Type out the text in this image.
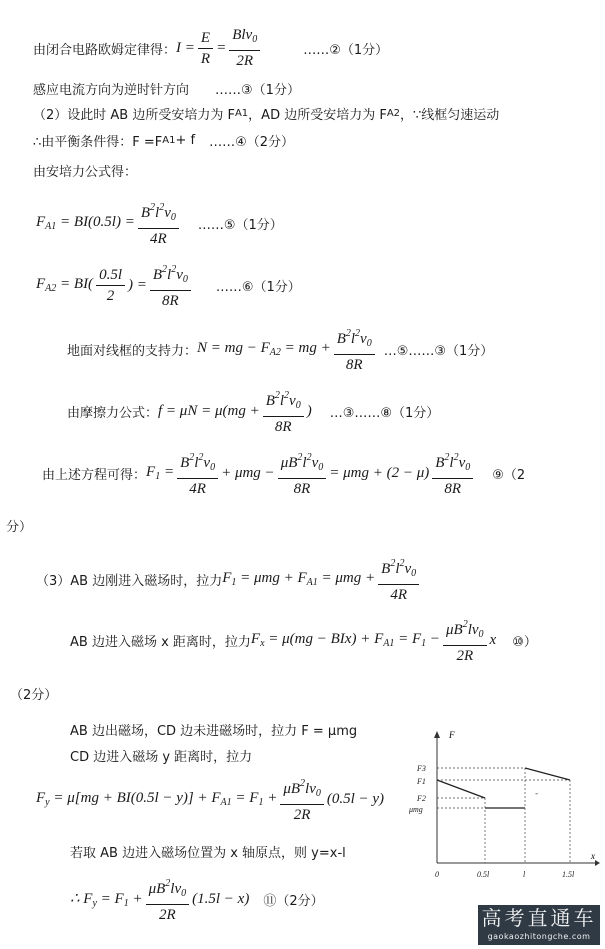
由闭合电路欧姆定律得： $I = \frac{E}{R} = \frac{Blv_0}{2R}$	……②（1分）
感应电流方向为逆时针方向 ……③（1分）
（2）设此时 AB 边所受安培力为 F A1 ，AD 边所受安培力为 F A2 ，∵线框匀速运动
∴由平衡条件得：F =F A1 + f ……④（2分）
由安培力公式得：
$F_{A1} = BI(0.5l) = \frac{B^2l^2v_0}{4R}$ ……⑤（1分）
$F_{A2} = BI( \frac{0.5l}{2}$ ) = $\frac{B^2l^2v_0}{8R}$ ……⑥（1分）
地面对线框的支持力： N = mg − $F_{A2}$ = mg + $\frac{B^2l^2v_0}{8R}$ …⑤……③（1分）
由摩擦力公式： $f = \mu N = \mu(mg + \frac{B^2l^2v_0}{8R}$ ) …③……⑧（1分）
由上述方程可得： $F_1 = \frac{B^2l^2v_0}{4R} + \mu mg - \frac{\mu B^2l^2v_0}{8R} = \mu mg + (2 - \mu) \frac{B^2l^2v_0}{8R}$ ⑨（2
分）
（3）AB 边刚进入磁场时，拉力 $F_1 = \mu mg + F_{A1} = \mu mg + \frac{B^2l^2v_0}{4R}$
AB 边进入磁场 x 距离时，拉力 $F_x = \mu(mg - BIx) + F_{A1} = F_1 - \frac{\mu B^2lv_0}{2R}$ x ⑩）
（2分）
AB 边出磁场，CD 边未进磁场时，拉力 F = μmg
CD 边进入磁场 y 距离时，拉力
$F_y = \mu[mg + BI(0.5l - y)] + F_{A1} = F_1 + \frac{\mu B^2lv_0}{2R} (0.5l - y)$
若取 AB 边进入磁场位置为 x 轴原点，则 y=x-l
∴ $F_y = F_1 + \frac{\mu B^2lv_0}{2R} (1.5l - x)$ ⑪（2分）
F
x
-
F3
F1
F2
μmg
0	0.5l	l	1.5l
高考直通车
gaokaozhitongche.com
